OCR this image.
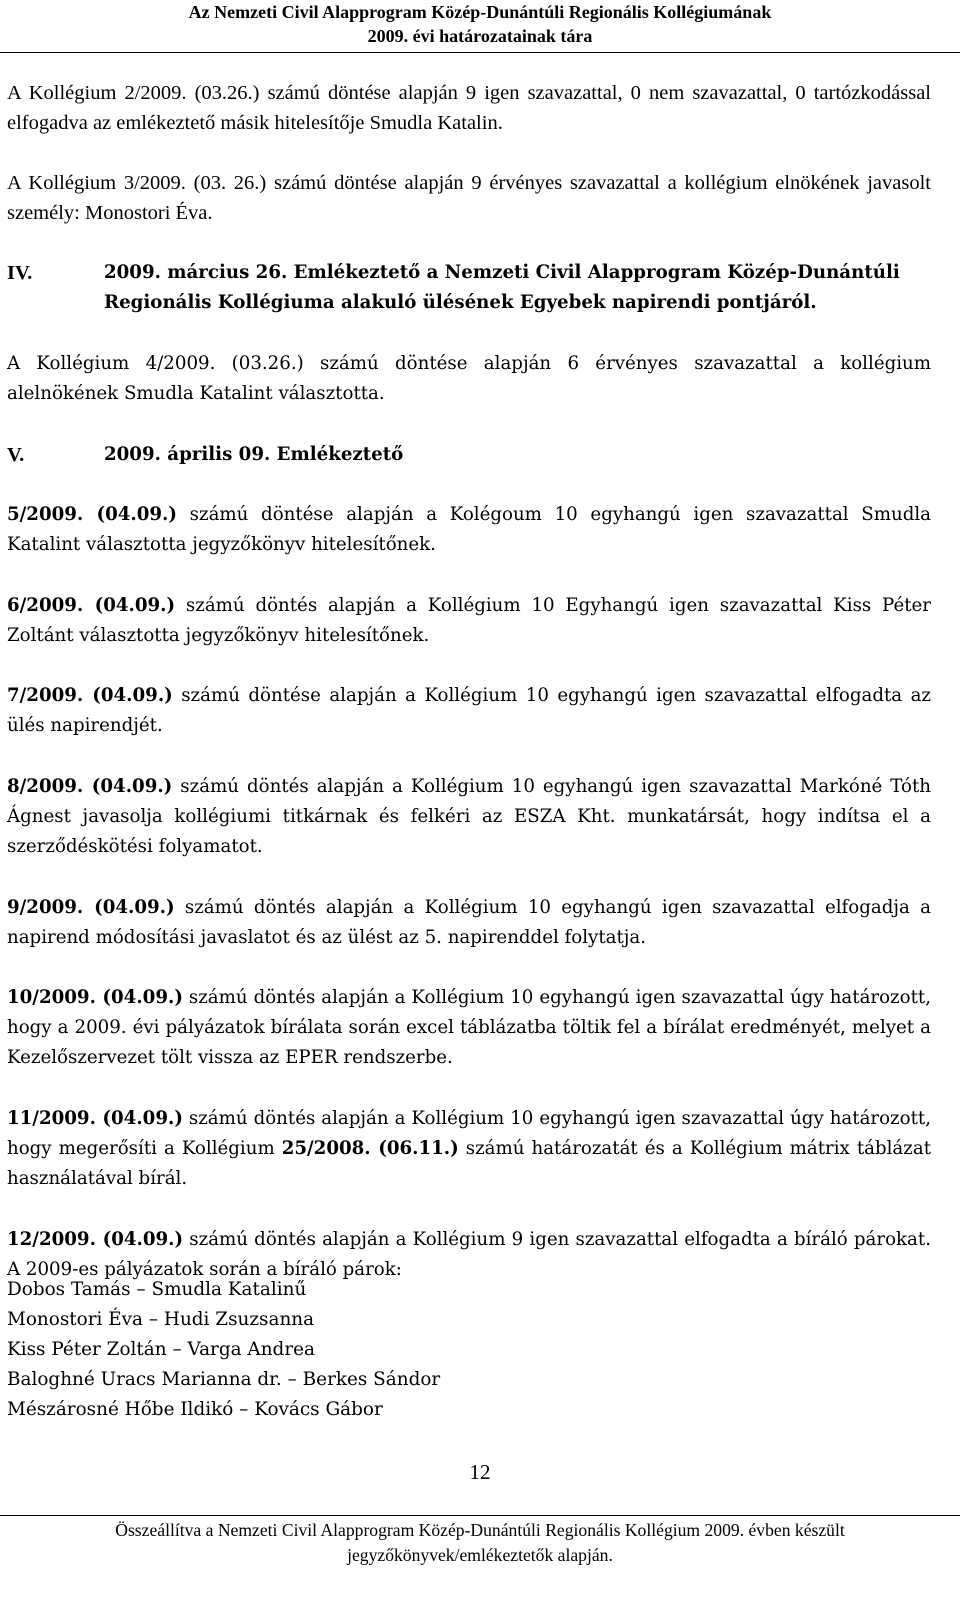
Az Nemzeti Civil Alapprogram Közép-Dunántúli Regionális Kollégiumának
2009. évi határozatainak tára
A Kollégium 2/2009. (03.26.) számú döntése alapján 9 igen szavazattal, 0 nem szavazattal, 0 tartózkodással elfogadva az emlékeztető másik hitelesítője Smudla Katalin.
A Kollégium 3/2009. (03. 26.) számú döntése alapján 9 érvényes szavazattal a kollégium elnökének javasolt személy: Monostori Éva.
IV.	2009. március 26. Emlékeztető a Nemzeti Civil Alapprogram Közép-Dunántúli
Regionális Kollégiuma alakuló ülésének Egyebek napirendi pontjáról.
A Kollégium 4/2009. (03.26.) számú döntése alapján 6 érvényes szavazattal a kollégium alelnökének Smudla Katalint választotta.
V.	2009. április 09. Emlékeztető
5/2009. (04.09.) számú döntése alapján a Kolégoum 10 egyhangú igen szavazattal Smudla Katalint választotta jegyzőkönyv hitelesítőnek.
6/2009. (04.09.) számú döntés alapján a Kollégium 10 Egyhangú igen szavazattal Kiss Péter Zoltánt választotta jegyzőkönyv hitelesítőnek.
7/2009. (04.09.) számú döntése alapján a Kollégium 10 egyhangú igen szavazattal elfogadta az ülés napirendjét.
8/2009. (04.09.) számú döntés alapján a Kollégium 10 egyhangú igen szavazattal Markóné Tóth Ágnest javasolja kollégiumi titkárnak és felkéri az ESZA Kht. munkatársát, hogy indítsa el a szerződéskötési folyamatot.
9/2009. (04.09.) számú döntés alapján a Kollégium 10 egyhangú igen szavazattal elfogadja a napirend módosítási javaslatot és az ülést az 5. napirenddel folytatja.
10/2009. (04.09.) számú döntés alapján a Kollégium 10 egyhangú igen szavazattal úgy határozott, hogy a 2009. évi pályázatok bírálata során excel táblázatba töltik fel a bírálat eredményét, melyet a Kezelőszervezet tölt vissza az EPER rendszerbe.
11/2009. (04.09.) számú döntés alapján a Kollégium 10 egyhangú igen szavazattal úgy határozott, hogy megerősíti a Kollégium 25/2008. (06.11.) számú határozatát és a Kollégium mátrix táblázat használatával bírál.
12/2009. (04.09.) számú döntés alapján a Kollégium 9 igen szavazattal elfogadta a bíráló párokat. A 2009-es pályázatok során a bíráló párok:
Dobos Tamás – Smudla Katalinű
Monostori Éva – Hudi Zsuzsanna
Kiss Péter Zoltán – Varga Andrea
Baloghné Uracs Marianna dr. – Berkes Sándor
Mészárosné Hőbe Ildikó – Kovács Gábor
12
Összeállítva a Nemzeti Civil Alapprogram Közép-Dunántúli Regionális Kollégium 2009. évben készült
jegyzőkönyvek/emlékeztetők alapján.
